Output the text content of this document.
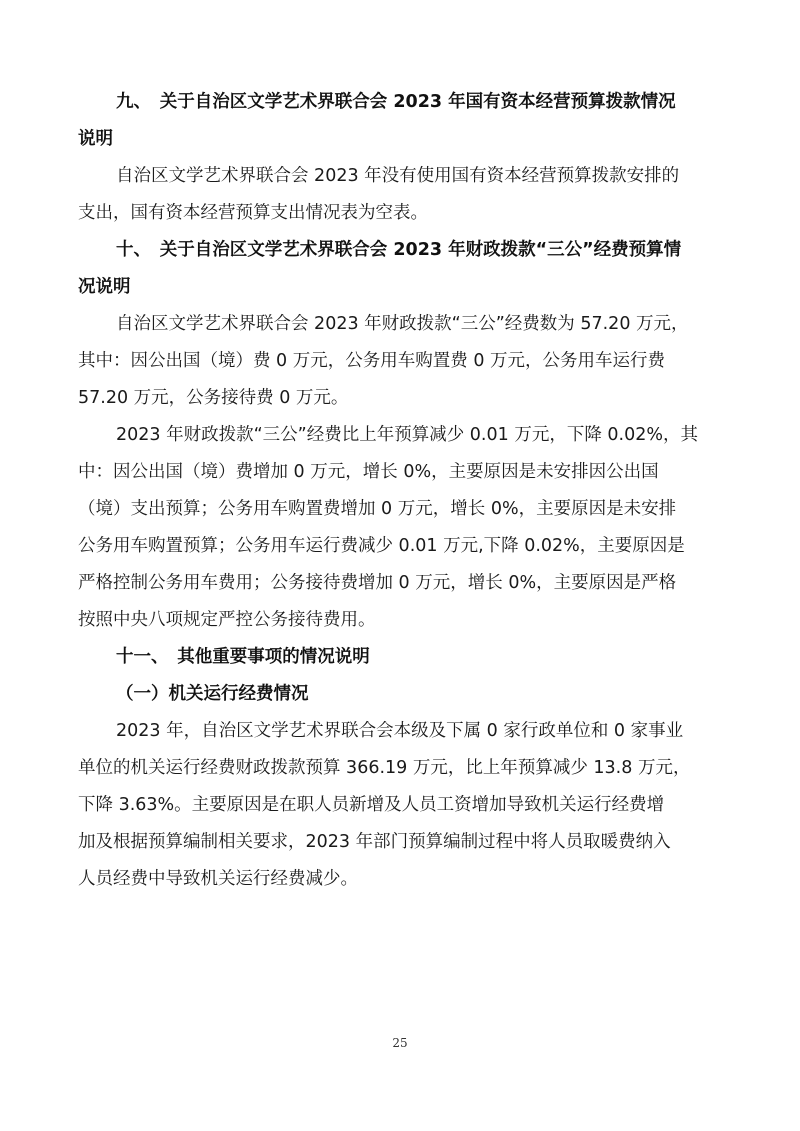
九、　关于自治区文学艺术界联合会 2023 年国有资本经营预算拨款情况
说明
自治区文学艺术界联合会 2023 年没有使用国有资本经营预算拨款安排的
支出，国有资本经营预算支出情况表为空表。
十、　关于自治区文学艺术界联合会 2023 年财政拨款“三公”经费预算情
况说明
自治区文学艺术界联合会 2023 年财政拨款“三公”经费数为 57.20 万元，
其中：因公出国（境）费 0 万元，公务用车购置费 0 万元，公务用车运行费
57.20 万元，公务接待费 0 万元。
2023 年财政拨款“三公”经费比上年预算减少 0.01 万元，下降 0.02%，其
中：因公出国（境）费增加 0 万元，增长 0%，主要原因是未安排因公出国
（境）支出预算；公务用车购置费增加 0 万元，增长 0%，主要原因是未安排
公务用车购置预算；公务用车运行费减少 0.01 万元,下降 0.02%，主要原因是
严格控制公务用车费用；公务接待费增加 0 万元，增长 0%，主要原因是严格
按照中央八项规定严控公务接待费用。
十一、　其他重要事项的情况说明
（一）机关运行经费情况
2023 年，自治区文学艺术界联合会本级及下属 0 家行政单位和 0 家事业
单位的机关运行经费财政拨款预算 366.19 万元，比上年预算减少 13.8 万元，
下降 3.63%。主要原因是在职人员新增及人员工资增加导致机关运行经费增
加及根据预算编制相关要求，2023 年部门预算编制过程中将人员取暖费纳入
人员经费中导致机关运行经费减少。
25
